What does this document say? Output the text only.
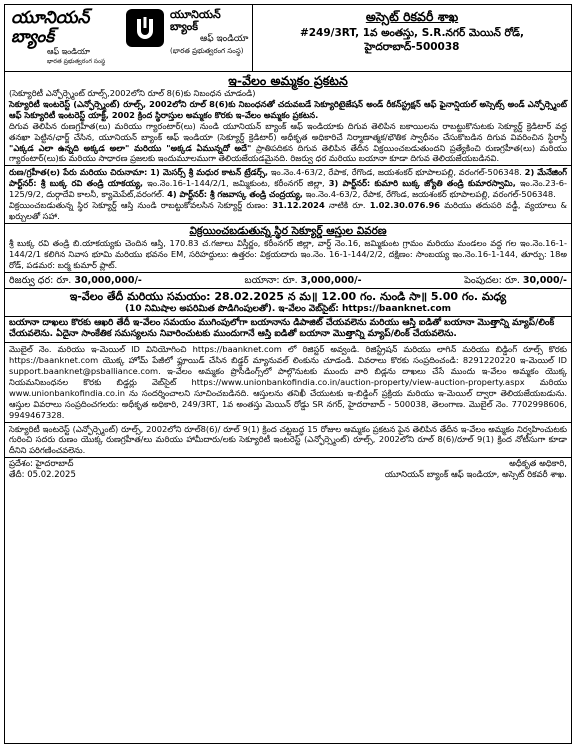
యూనియన్ బ్యాంక్
ఆఫ్ ఇండియా
భారత ప్రభుత్వరంగ సంస్థ
యూనియన్ బ్యాంక్
ఆఫ్ ఇండియా
(భారత ప్రభుత్వరంగ సంస్థ)
అస్సెట్ రికవరీ శాఖ
#249/3RT, 1వ అంతస్తు, S.R.నగర్ మెయిన్ రోడ్,
హైదరాబాద్-500038
ఇ-వేలం అమ్మకం ప్రకటన
(సెక్యూరిటీ ఎన్ఫోర్స్మెంట్ రూల్స్,2002లోని రూల్ 8(6)కు నిబంధన చూడండి)
సెక్యూరిటీ ఇంటరెస్ట్ (ఎన్ఫోర్స్మెంట్) రూల్స్, 2002లోని రూల్ 8(6)కు నిబంధనతో చదువబడే సెక్యూరిటైజేషన్ అండ్ రీకన్‌స్ట్రక్షన్ ఆఫ్ ఫైనాన్షియల్ అస్సెట్స్ అండ్ ఎన్ఫోర్స్మెంట్ ఆఫ్ సెక్యూరిటీ ఇంటరెస్ట్ యాక్ట్, 2002 క్రింద స్థిరాస్తుల అమ్మకం కొరకు ఇ-వేలం అమ్మకం ప్రకటన.
దిగువ తెలిపిన రుణగ్రహీత(లు) మరియు గ్యారంటార్(లు) నుండి యూనియన్ బ్యాంక్ ఆఫ్ ఇండియాకు దిగువ తెలిపిన బకాయిలను రాబట్టుకొనుటకు సెక్యూర్డ్ క్రెడిటార్ వద్ద తనఖా పెట్టిన/ఛార్జ్ చేసిన, యూనియన్ బ్యాంక్ ఆఫ్ ఇండియా (సెక్యూర్డ్ క్రెడిటార్) అధీకృత అధికారిచే నిర్మాణాత్మక/భౌతిక స్వాధీనం చేసుకొబడిన దిగువ వివరించిన స్థిరాస్తి "ఎక్కడ ఎలా ఉన్నది అక్కడ అలా" మరియు "అక్కడ ఏమున్నదో అదే" ప్రాతిపదికన దిగువ తెలిపిన తేదీన విక్రయించబడుతుందని ప్రత్యేకించి రుణగ్రహీత(లు) మరియు గ్యారంటార్(లు)కు మరియు సాధారణ ప్రజలకు ఇందుమూలముగా తెలియజేయడమైనది. రిజర్వు ధర మరియు బయానా కూడా దిగువ తెలియజేయబడినవి.
రుణ/గ్రహీత(ల) పేరు మరియు చిరునామా: 1) మెసర్స్ శ్రీ మధుర కాటన్ ట్రేడర్స్, ఇం.నెం.4-63/2, రేపాక, రేగొండ, జయశంకర్ భూపాలపల్లి, వరంగల్-506348. 2) మేనేజింగ్ పార్ట్‌నర్: శ్రీ బుక్క రవి తండ్రి యాకయ్య, ఇం.నెం.16-1-144/2/1, జమ్మికుంట, కరీంనగర్ జిల్లా, 3) పార్ట్‌నర్: కుమారి బుక్క జ్యోతి తండ్రి కుమారస్వామి, ఇం.నెం.23-6-125/9/2, దుర్గాదేవి కాలనీ, క్యామెపేట్,వరంగల్. 4) పార్ట్‌నర్: శ్రీ గజవాస్క తండ్రి చంద్రయ్య, ఇం.నెం.4-63/2, రేపాక, రేగొండ, జయశంకర్ భూపాలపల్లి, వరంగల్-506348.
విక్రయించబడుతున్న స్థిర సెక్యూర్డ్ ఆస్తి నుండి రాబట్టుకోవలసిన సెక్యూర్డ్ రుణం: 31.12.2024 నాటికి రూ. 1.02.30.076.96 మరియు తదుపరి వడ్డీ, వ్యయాలు & ఖర్చులతో సహా.
విక్రయించబడుతున్న స్థిర సెక్యూర్డ్ ఆస్తుల వివరణ
శ్రీ బుక్క రవి తండ్రి బి.యాకయ్యకు చెందిన ఆస్తి, 170.83 చ.గజాలు విస్తీర్ణం, కరీంనగర్ జిల్లా, వార్డ్ నెం.16, జమ్మికుంట గ్రామం మరియు మండలం వద్ద గల ఇం.నెం.16-1-144/2/1 కలిగిన నివాస భూమి మరియు భవనం EM, సరిహద్దులు: ఉత్తరం: విక్రయదారు ఇం.నెం. 16-1-144/2/2, దక్షిణం: సాంబయ్య ఇం.నెం.16-1-144, తూర్పు: 18అ రోడ్, పడమర: బర్మ కుమార్ ప్లాట్.
రిజర్వు ధర: రూ. 30,000,000/-	బయానా: రూ. 3,000,000/-	పెంపుదల: రూ. 30,000/-
ఇ-వేలం తేదీ మరియు సమయం: 28.02.2025 న మ॥ 12.00 గం. నుండి సా॥ 5.00 గం. మధ్య
(10 నిమిషాల అపరిమిత పొడిగింపులతో). ఇ-వేలం వెబ్‌సైట్: https://baanknet.com
బయానా దాఖలు కొరకు ఆఖరి తేదీ ఇ-వేలం సమయం ముగింపులోగా బయానాను డిపాజిట్ చేయవలెను మరియు ఆస్తి ఐడితో బయానా మొత్తాన్ని మ్యాప్/లింక్ చేయవలెను. ఏదైనా సాంకేతిక సమస్యలను నివారించుటకు ముందుగానే ఆస్తి ఐడితో బయానా మొత్తాన్ని మ్యాప్/లింక్ చేయవలెను.
మొబైల్ నెం. మరియు ఇ-మెయిల్ ID వినియోగించి https://baanknet.com లో రిజిస్టర్ అవ్వండి. రిజిస్ట్రేషన్ మరియు లాగిన్ మరియు బిడ్డింగ్ రూల్స్ కొరకు https://baanknet.com యొక్క హోమ్ పేజీలో ఫ్లూయిడ్ చేసిన బిడ్డర్ మ్యానువల్ లింకును చూడండి. వివరాలు కొరకు సంప్రదించండి: 8291220220 ఇ-మెయిల్ ID support.baanknet@psballiance.com. ఇ-వేలం అమ్మకం ప్రొసీడింగ్స్‌లో పాల్గొనుటకు ముందు వారి బిడ్లను దాఖలు చేసే ముందు ఇ-వేలం అమ్మకం యొక్క నియమనిబంధనల కొరకు బిడ్డర్లు వెబ్‌సైట్ https://www.unionbankofindia.co.in/auction-property/view-auction-property.aspx మరియు www.unionbankofindia.co.in ను సందర్శించాలని సూచించబడినది. ఆస్తులను తనిఖీ చేయుటకు ఇ-బిడ్డింగ్ ప్రక్రియ మరియు ఇ-మెయిల్ ద్వారా తెలియజేయబడును. ఆస్తుల వివరాలు సంప్రదించగలరు: అధీకృత అధికారి, 249/3RT, 1వ అంతస్తు మెయిన్ రోడ్డు SR నగర్, హైదరాబాద్ - 500038, తెలంగాణ. మొబైల్ నెం. 7702998606, 9949467328.
సెక్యూరిటీ ఇంటరెస్ట్ (ఎన్ఫోర్స్మెంట్) రూల్స్, 2002లోని రూల్8(6)/ రూల్ 9(1) క్రింద చట్టబద్ధ 15 రోజుల అమ్మకం ప్రకటన పైన తెలిపిన తేదీన ఇ-వేలం అమ్మకం నిర్వహించుటకు గురించి సదరు రుణం యొక్క రుణగ్రహీత/లు మరియు హామీదారు/లకు సెక్యూరిటీ ఇంటరెస్ట్ (ఎన్ఫోర్స్మెంట్) రూల్స్, 2002లోని రూల్ 8(6)/రూల్ 9(1) క్రింద నోటీసుగా కూడా దీనిని పరిగణించవలెను.
ప్రదేశం: హైదరాబాద్
తేదీ: 05.02.2025
అధీకృత అధికారి,
యూనియన్ బ్యాంక్ ఆఫ్ ఇండియా, అస్సెట్ రికవరీ శాఖ.
